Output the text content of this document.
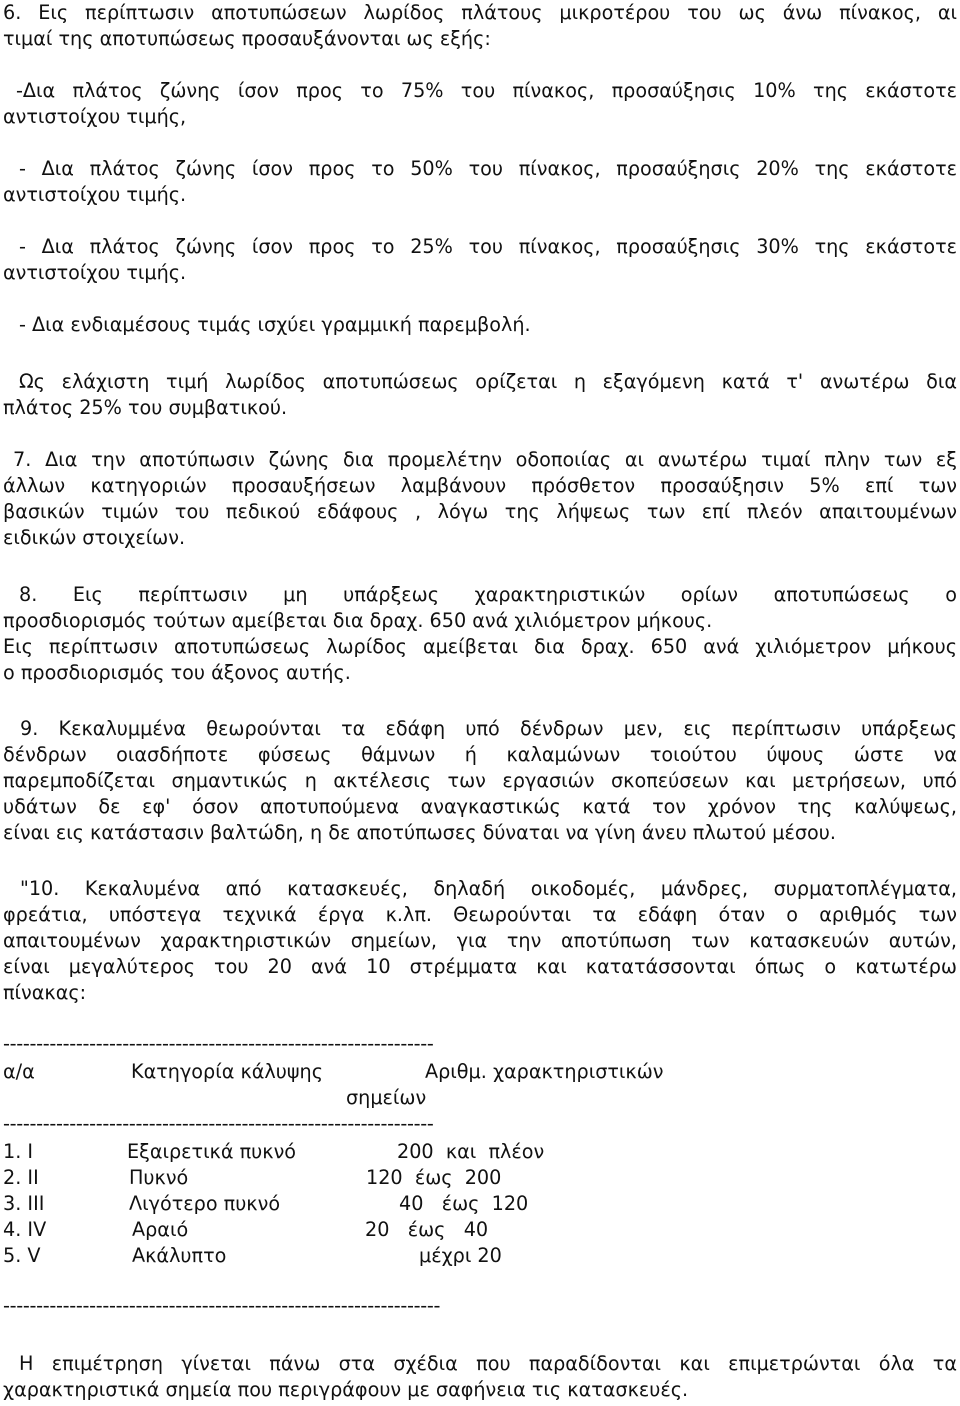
6. Εις περίπτωσιν αποτυπώσεων λωρίδος πλάτους μικροτέρου του ως άνω πίνακος, αι
τιμαί της αποτυπώσεως προσαυξάνονται ως εξής:
-Δια πλάτος ζώνης ίσον προς το 75% του πίνακος, προσαύξησις 10% της εκάστοτε
αντιστοίχου τιμής,
- Δια πλάτος ζώνης ίσον προς το 50% του πίνακος, προσαύξησις 20% της εκάστοτε
αντιστοίχου τιμής.
- Δια πλάτος ζώνης ίσον προς το 25% του πίνακος, προσαύξησις 30% της εκάστοτε
αντιστοίχου τιμής.
- Δια ενδιαμέσους τιμάς ισχύει γραμμική παρεμβολή.
Ως ελάχιστη τιμή λωρίδος αποτυπώσεως ορίζεται η εξαγόμενη κατά τ' ανωτέρω δια
πλάτος 25% του συμβατικού.
7. Δια την αποτύπωσιν ζώνης δια προμελέτην οδοποιίας αι ανωτέρω τιμαί πλην των εξ
άλλων κατηγοριών προσαυξήσεων λαμβάνουν πρόσθετον προσαύξησιν 5% επί των
βασικών τιμών του πεδικού εδάφους , λόγω της λήψεως των επί πλεόν απαιτουμένων
ειδικών στοιχείων.
8. Εις περίπτωσιν μη υπάρξεως χαρακτηριστικών ορίων αποτυπώσεως ο
προσδιορισμός τούτων αμείβεται δια δραχ. 650 ανά χιλιόμετρον μήκους.
Εις περίπτωσιν αποτυπώσεως λωρίδος αμείβεται δια δραχ. 650 ανά χιλιόμετρον μήκους
ο προσδιορισμός του άξονος αυτής.
9. Κεκαλυμμένα θεωρούνται τα εδάφη υπό δένδρων μεν, εις περίπτωσιν υπάρξεως
δένδρων οιασδήποτε φύσεως θάμνων ή καλαμώνων τοιούτου ύψους ώστε να
παρεμποδίζεται σημαντικώς η ακτέλεσις των εργασιών σκοπεύσεων και μετρήσεων, υπό
υδάτων δε εφ' όσον αποτυπούμενα αναγκαστικώς κατά τον χρόνον της καλύψεως,
είναι εις κατάστασιν βαλτώδη, η δε αποτύπωσες δύναται να γίνη άνευ πλωτού μέσου.
"10. Κεκαλυμένα από κατασκευές, δηλαδή οικοδομές, μάνδρες, συρματοπλέγματα,
φρεάτια, υπόστεγα τεχνικά έργα κ.λπ. Θεωρούνται τα εδάφη όταν ο αριθμός των
απαιτουμένων χαρακτηριστικών σημείων, για την αποτύπωση των κατασκευών αυτών,
είναι μεγαλύτερος του 20 ανά 10 στρέμματα και κατατάσσονται όπως ο κατωτέρω
πίνακας:
-----------------------------------------------------------------
α/α	Κατηγορία κάλυψης	Αριθμ. χαρακτηριστικών
σημείων
-----------------------------------------------------------------
1. I	Εξαιρετικά πυκνό	200  και  πλέον
2. II	Πυκνό	120  έως  200
3. III	Λιγότερο πυκνό	40   έως  120
4. IV	Αραιό	20   έως   40
5. V	Ακάλυπτο	μέχρι 20
------------------------------------------------------------------
Η επιμέτρηση γίνεται πάνω στα σχέδια που παραδίδονται και επιμετρώνται όλα τα
χαρακτηριστικά σημεία που περιγράφουν με σαφήνεια τις κατασκευές.
